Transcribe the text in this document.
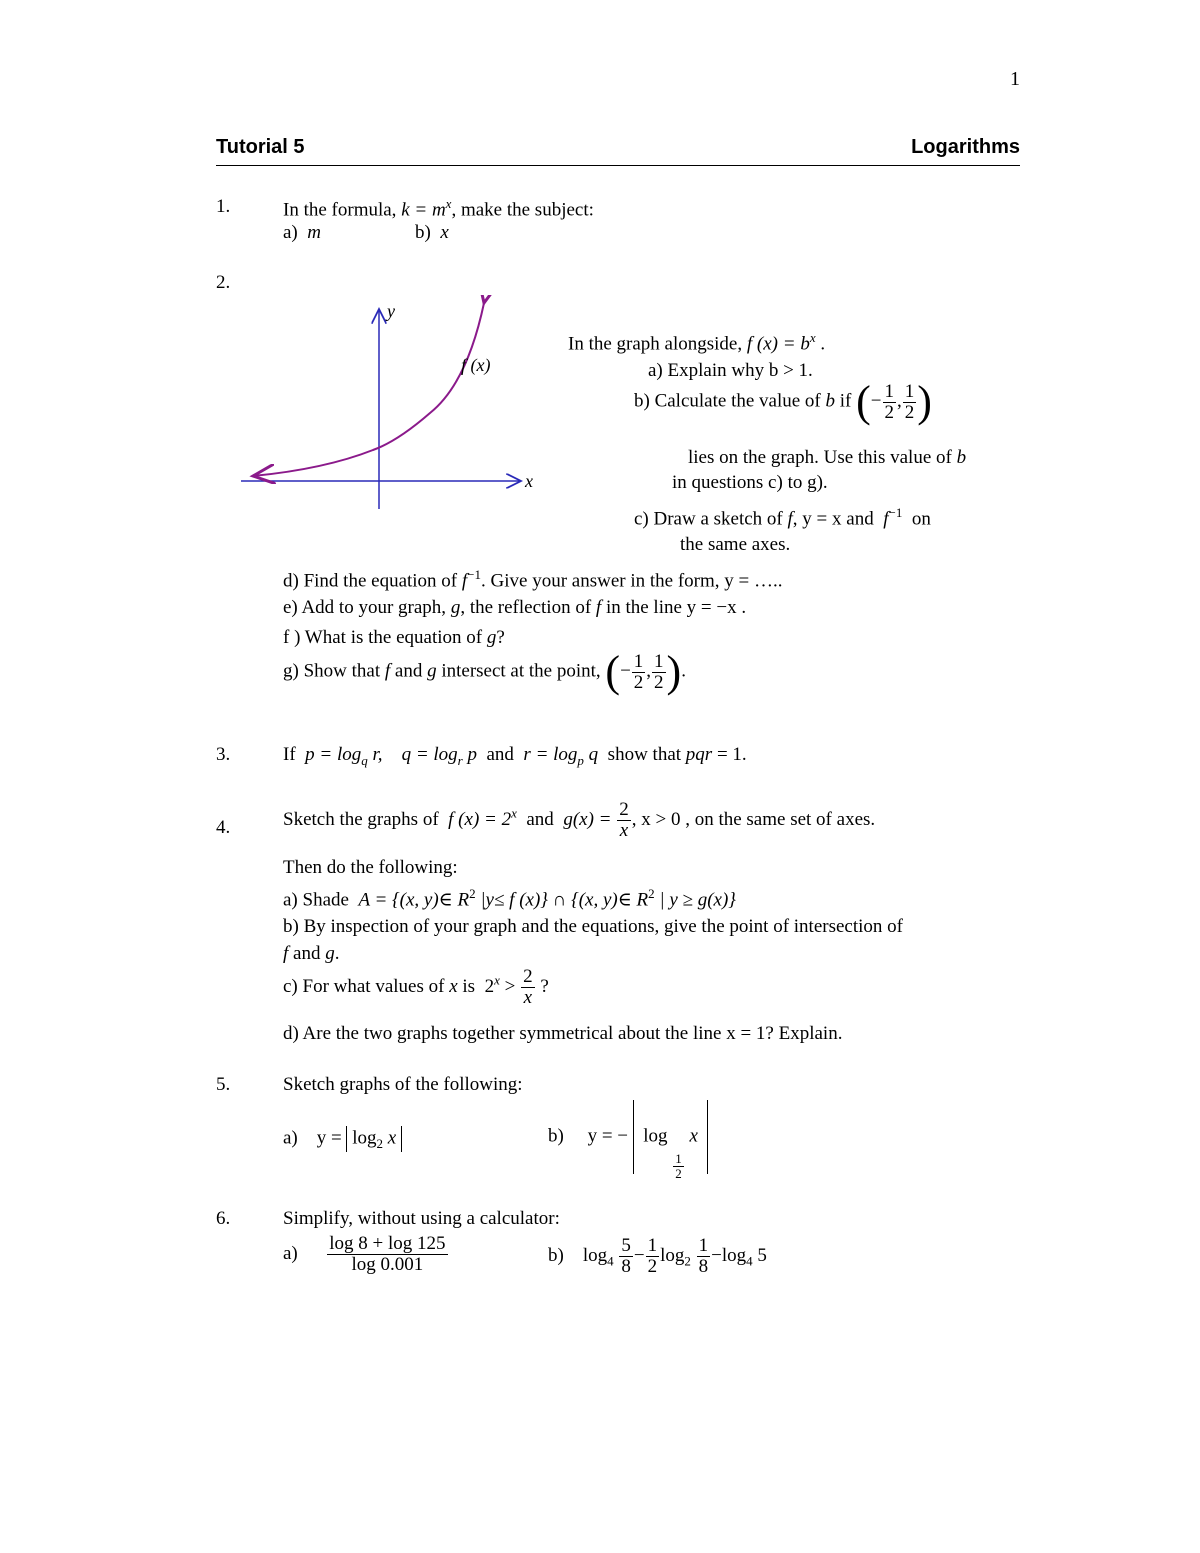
1
Tutorial 5	Logarithms
1.	In the formula, $k = m^x$, make the subject:
a) m	b) x
2.
y
x
f (x)
In the graph alongside, f $(x) = b^x$ .
a) Explain why b > 1.
b) Calculate the value of b if (− $\frac{1}{2}$ , $\frac{1}{2}$ )
lies on the graph. Use this value of b
in questions c) to g).
c) Draw a sketch of f, y = x and $f^{-1}$ on
the same axes.
d) Find the equation of $f^{-1}$. Give your answer in the form, y = …..
e) Add to your graph, g, the reflection of f in the line y = −x .
f ) What is the equation of g?
g) Show that f and g intersect at the point, (− $\frac{1}{2}$ , $\frac{1}{2}$ ).
3.	If $p = \log_q r$, $q = \log_r p$ and $r = \log_p q$ show that pqr = 1.
4.	Sketch the graphs of f $(x) = 2^x$ and $g(x) = \frac{2}{x}$ , x > 0 , on the same set of axes.
Then do the following:
a) Shade A = {(x, y)∈ $R^2$ |y≤ f (x)} ∩ {(x, y)∈ $R^2$ | y ≥ g(x)}
b) By inspection of your graph and the equations, give the point of intersection of
f and g.
c) For what values of x is $2^x > \frac{2}{x}$ ?
d) Are the two graphs together symmetrical about the line x = 1? Explain.
5.	Sketch graphs of the following:
a) $y = \log_2 x$	b) y = − log
$\frac{1}{2}$
x
6.	Simplify, without using a calculator:
$a) \frac{\log 8 + \log 125}{\log 0.001}$	b) $\log_4 \frac{5}{8} - \frac{1}{2} \log_2 \frac{1}{8} -\log_4$ 5
